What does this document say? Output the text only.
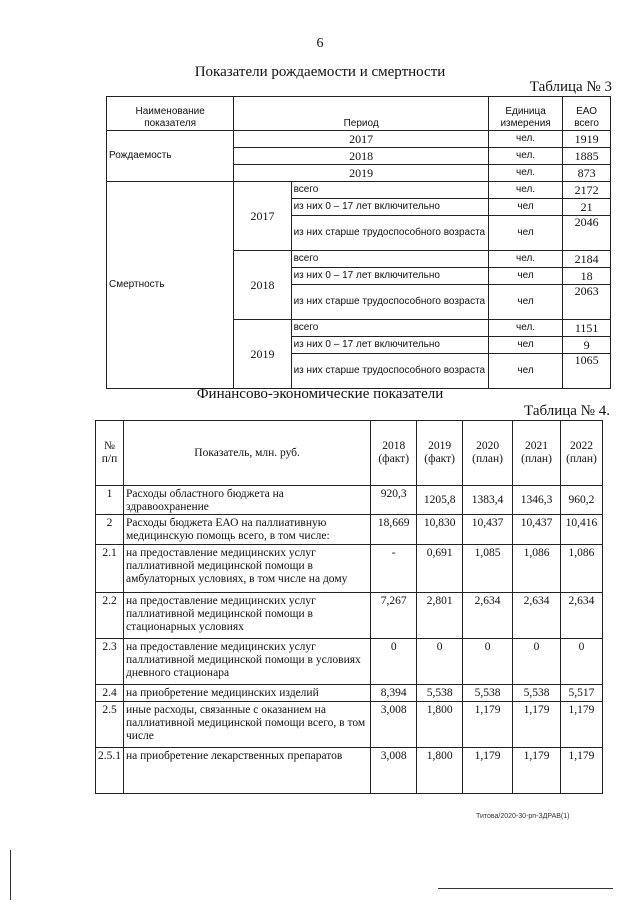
6
Показатели рождаемости и смертности
Таблица № 3
Наименование показателя	Период		Единица измерения	ЕАО всего
Рождаемость	2017		чел.	1919
	2018		чел.	1885
	2019		чел.	873
Смертность	2017	всего	чел.	2172
		из них 0 – 17 лет включительно	чел	21
		из них старше трудоспособного возраста	чел	2046
	2018	всего	чел.	2184
		из них 0 – 17 лет включительно	чел	18
		из них старше трудоспособного возраста	чел	2063
	2019	всего	чел.	1151
		из них 0 – 17 лет включительно	чел	9
		из них старше трудоспособного возраста	чел	1065
Финансово-экономические показатели
Таблица № 4.
№ п/п	Показатель, млн. руб.	2018 (факт)	2019 (факт)	2020 (план)	2021 (план)	2022 (план)
1	Расходы областного бюджета на здравоохранение	920,3	1205,8	1383,4	1346,3	960,2
2	Расходы бюджета ЕАО на паллиативную медицинскую помощь всего, в том числе:	18,669	10,830	10,437	10,437	10,416
2.1	на предоставление медицинских услуг паллиативной медицинской помощи в амбулаторных условиях, в том числе на дому	-	0,691	1,085	1,086	1,086
2.2	на предоставление медицинских услуг паллиативной медицинской помощи в стационарных условиях	7,267	2,801	2,634	2,634	2,634
2.3	на предоставление медицинских услуг паллиативной медицинской помощи в условиях дневного стационара	0	0	0	0	0
2.4	на приобретение медицинских изделий	8,394	5,538	5,538	5,538	5,517
2.5	иные расходы, связанные с оказанием на паллиативной медицинской помощи всего, в том числе	3,008	1,800	1,179	1,179	1,179
2.5.1	на приобретение лекарственных препаратов	3,008	1,800	1,179	1,179	1,179
Титова/2020-30-рп-ЗДРАВ(1)
